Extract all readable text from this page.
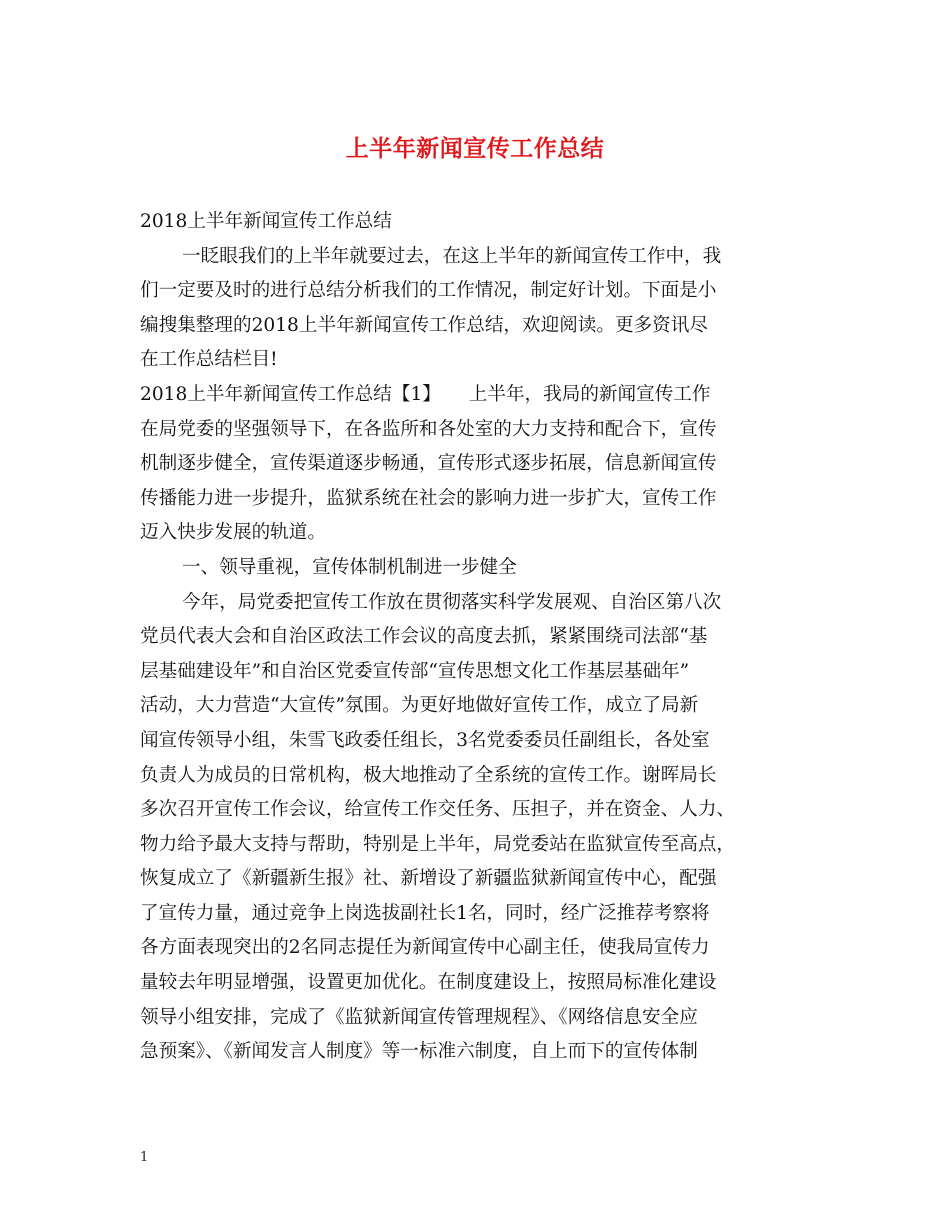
上半年新闻宣传工作总结
2018上半年新闻宣传工作总结
一眨眼我们的上半年就要过去，在这上半年的新闻宣传工作中，我
们一定要及时的进行总结分析我们的工作情况，制定好计划。下面是小
编搜集整理的2018上半年新闻宣传工作总结，欢迎阅读。更多资讯尽
在工作总结栏目!
2018上半年新闻宣传工作总结【1】　　上半年，我局的新闻宣传工作
在局党委的坚强领导下，在各监所和各处室的大力支持和配合下，宣传
机制逐步健全，宣传渠道逐步畅通，宣传形式逐步拓展，信息新闻宣传
传播能力进一步提升，监狱系统在社会的影响力进一步扩大，宣传工作
迈入快步发展的轨道。
一、领导重视，宣传体制机制进一步健全
今年，局党委把宣传工作放在贯彻落实科学发展观、自治区第八次
党员代表大会和自治区政法工作会议的高度去抓，紧紧围绕司法部“基
层基础建设年”和自治区党委宣传部“宣传思想文化工作基层基础年”
活动，大力营造“大宣传”氛围。为更好地做好宣传工作，成立了局新
闻宣传领导小组，朱雪飞政委任组长，3名党委委员任副组长，各处室
负责人为成员的日常机构，极大地推动了全系统的宣传工作。谢晖局长
多次召开宣传工作会议，给宣传工作交任务、压担子，并在资金、人力、
物力给予最大支持与帮助，特别是上半年，局党委站在监狱宣传至高点，
恢复成立了《新疆新生报》社、新增设了新疆监狱新闻宣传中心，配强
了宣传力量，通过竞争上岗选拔副社长1名，同时，经广泛推荐考察将
各方面表现突出的2名同志提任为新闻宣传中心副主任，使我局宣传力
量较去年明显增强，设置更加优化。在制度建设上，按照局标准化建设
领导小组安排，完成了《监狱新闻宣传管理规程》、《网络信息安全应
急预案》、《新闻发言人制度》等一标准六制度，自上而下的宣传体制
1
